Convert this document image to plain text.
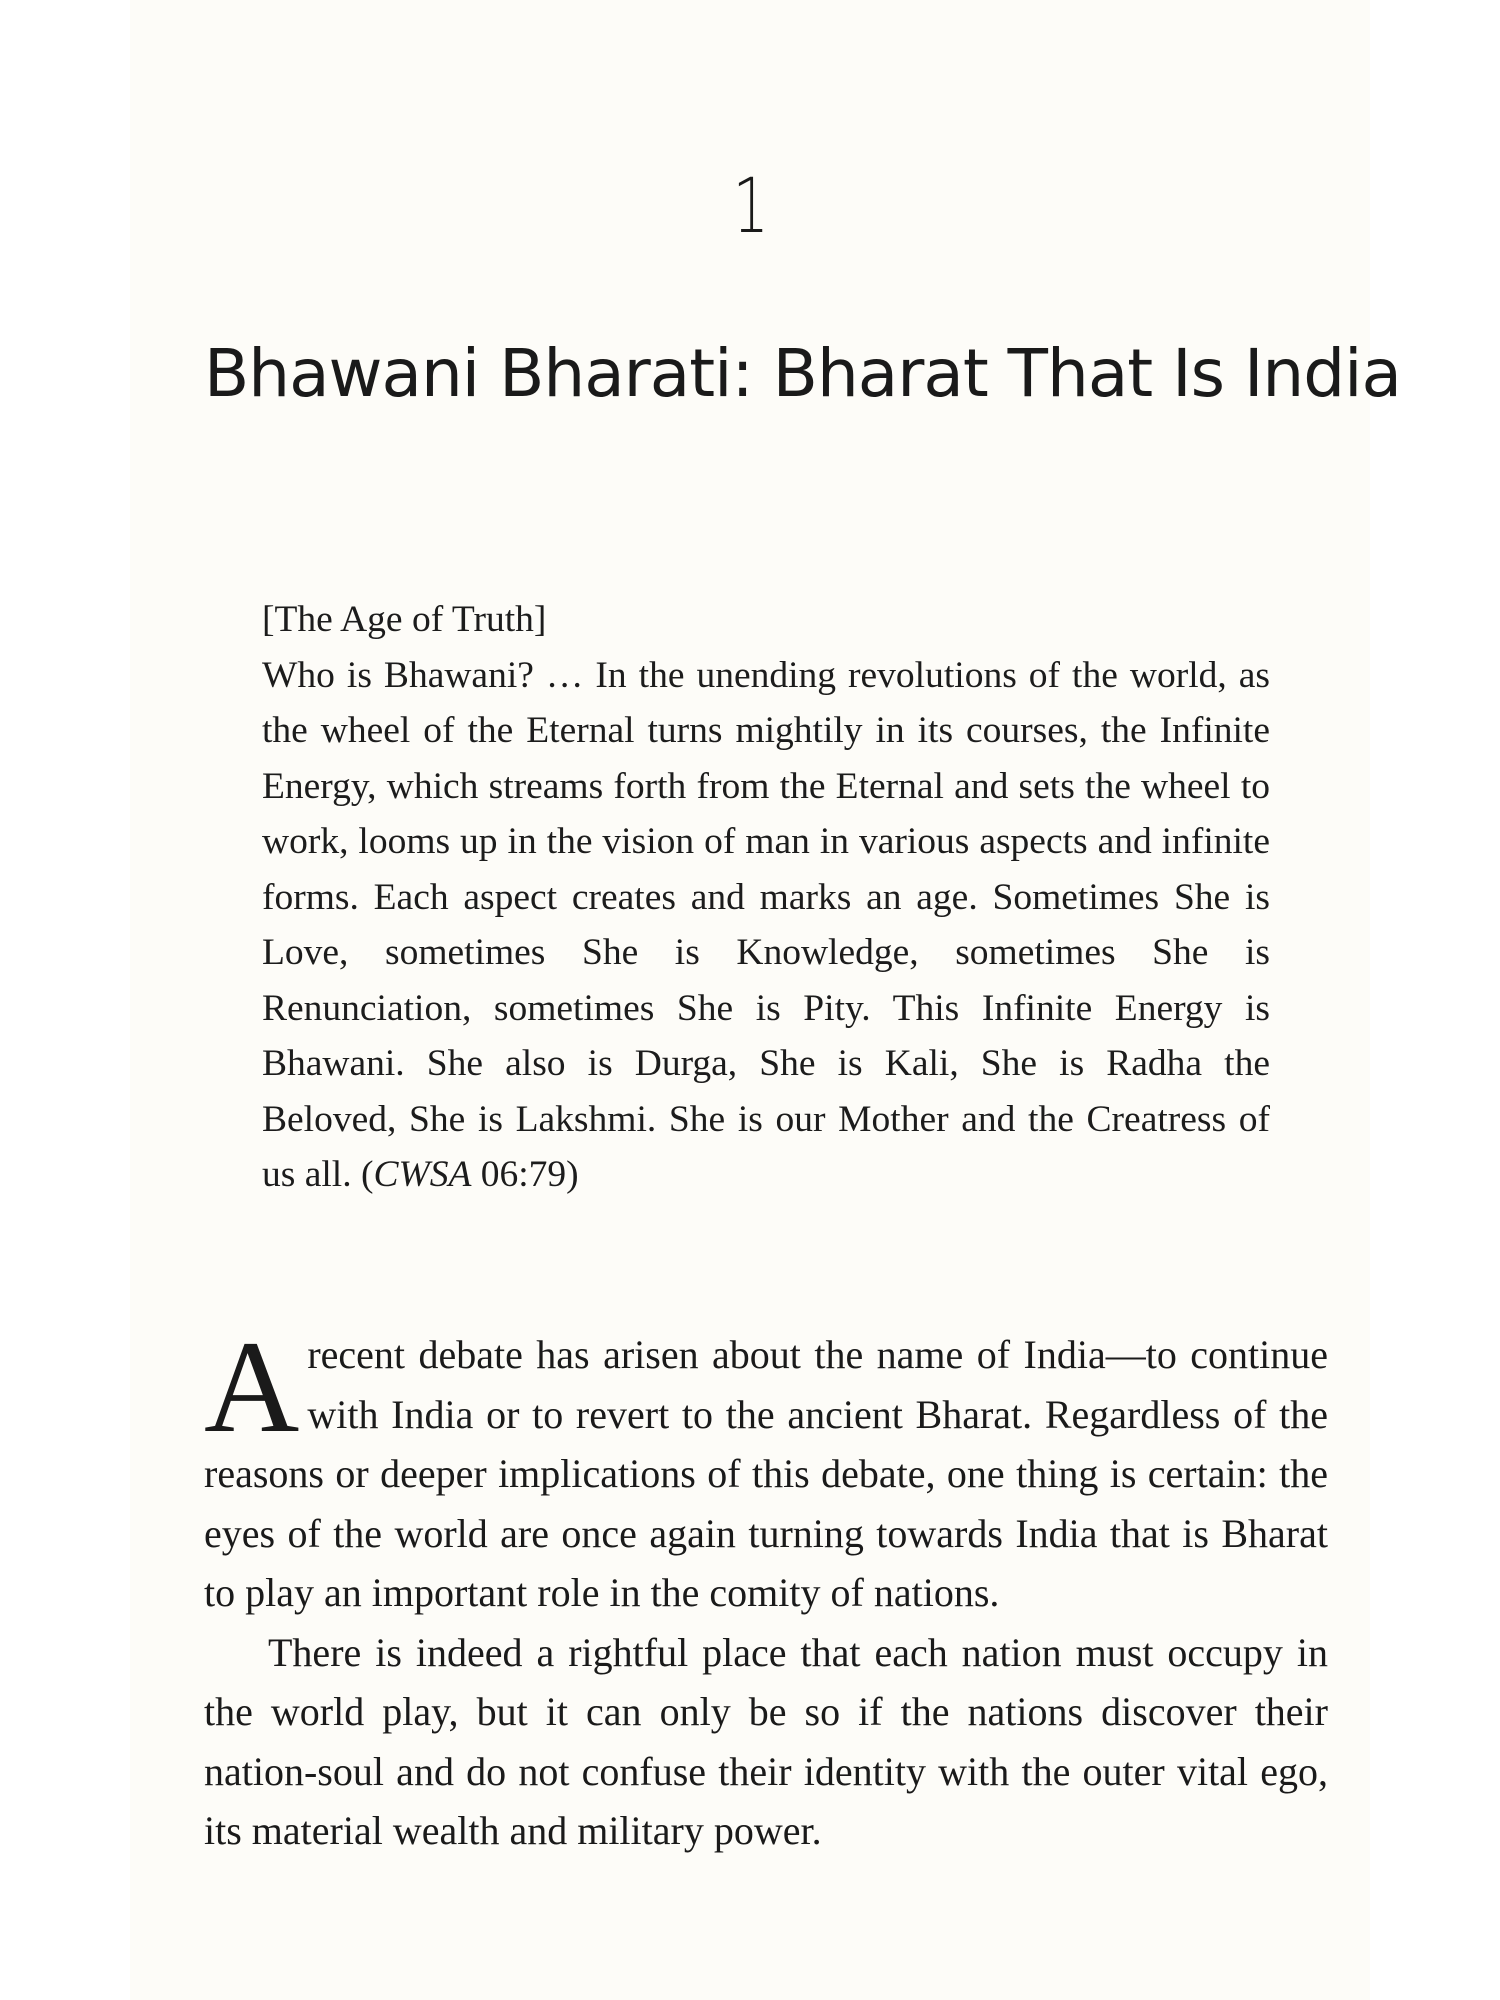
1
Bhawani Bharati: Bharat That Is India
[The Age of Truth]

Who is Bhawani? … In the unending revolutions of the world, as the wheel of the Eternal turns mightily in its courses, the Infinite Energy, which streams forth from the Eternal and sets the wheel to work, looms up in the vision of man in various aspects and infinite forms. Each aspect creates and marks an age. Sometimes She is Love, sometimes She is Knowledge, sometimes She is Renunciation, sometimes She is Pity. This Infinite Energy is Bhawani. She also is Durga, She is Kali, She is Radha the Beloved, She is Lakshmi. She is our Mother and the Creatress of us all. (CWSA 06:79)

Arecent debate has arisen about the name of India—to continue with India or to revert to the ancient Bharat. Regardless of the reasons or deeper implications of this debate, one thing is certain: the eyes of the world are once again turning towards India that is Bharat to play an important role in the comity of nations.

There is indeed a rightful place that each nation must occupy in the world play, but it can only be so if the nations discover their nation-soul and do not confuse their identity with the outer vital ego, its material wealth and military power.
